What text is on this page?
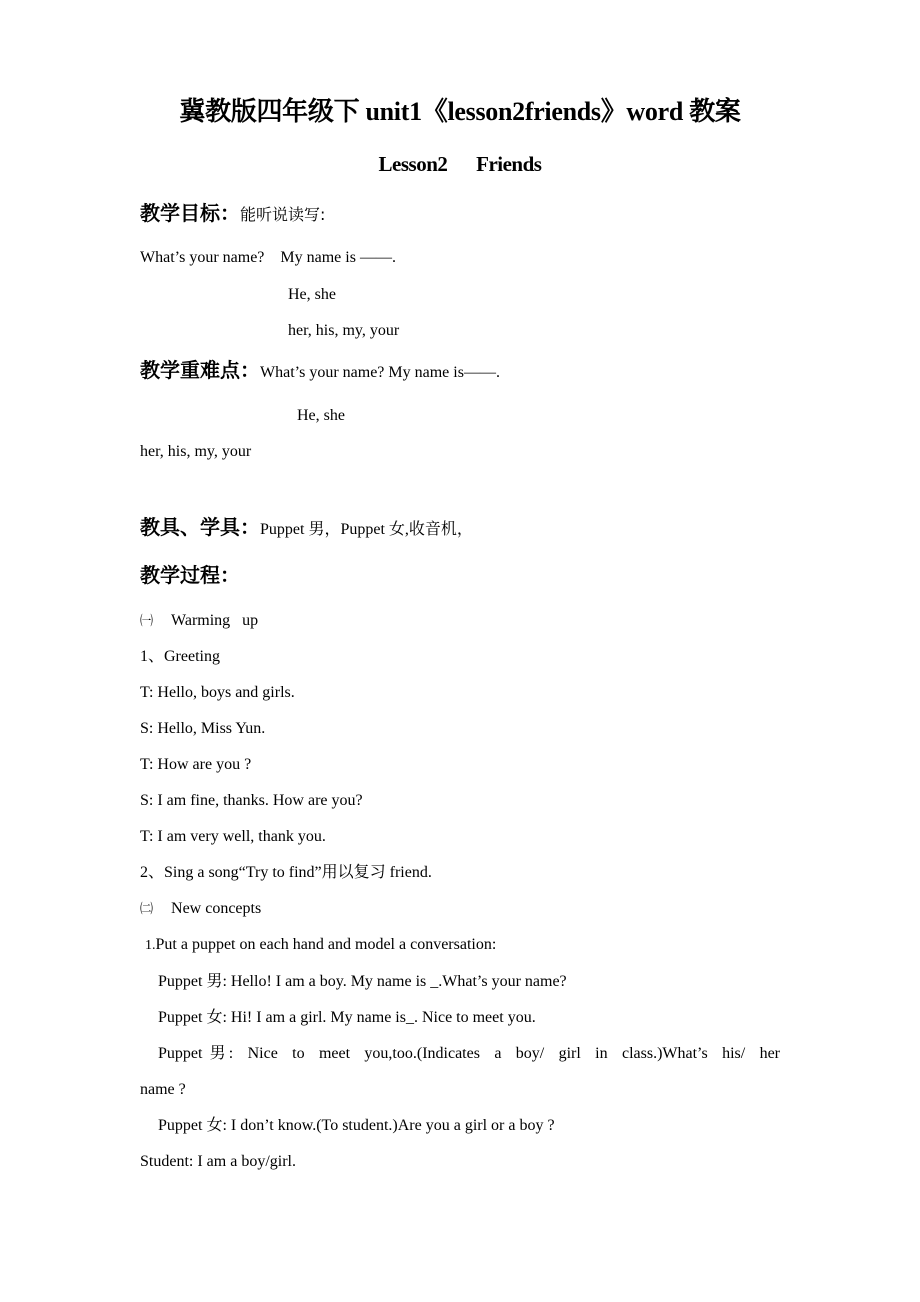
冀教版四年级下 unit1《lesson2friends》word 教案
Lesson2 Friends
教学目标：能听说读写:
What’s your name?    My name is ——.
He, she
her, his, my, your
教学重难点：What’s your name? My name is——.
He, she
her, his, my, your
教具、学具：Puppet 男，Puppet 女,收音机，
教学过程：
㈠ Warming   up
1、Greeting
T: Hello, boys and girls.
S: Hello, Miss Yun.
T: How are you ?
S: I am fine, thanks. How are you?
T: I am very well, thank you.
2、Sing a song“Try to find”用以复习 friend.
㈡ New concepts
1.Put a puppet on each hand and model a conversation:
Puppet 男: Hello! I am a boy. My name is _.What’s your name?
Puppet 女: Hi! I am a girl. My name is_. Nice to meet you.
Puppet 男:  Nice  to  meet  you,too.(Indicates  a  boy/  girl  in  class.)What’s  his/  her
name ?
Puppet 女: I don’t know.(To student.)Are you a girl or a boy ?
Student: I am a boy/girl.
